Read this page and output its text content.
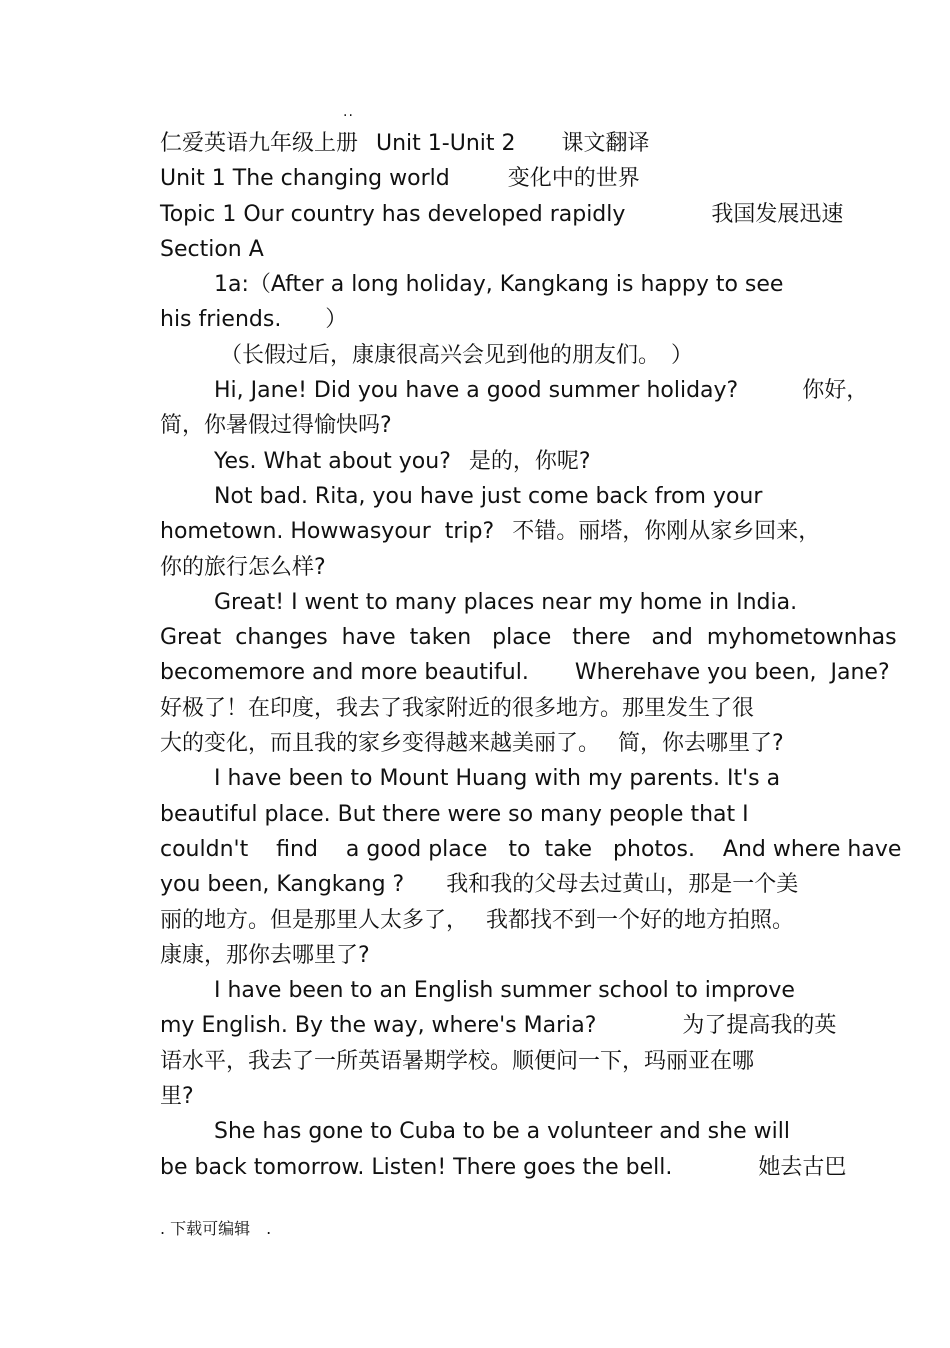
..
仁爱英语九年级上册 Unit 1-Unit 2 课文翻译
Unit 1 The changing world	变化中的世界
Topic 1 Our country has developed rapidly	我国发展迅速
Section A
1a:（After a long holiday, Kangkang is happy to see
his friends.　　）
（长假过后，康康很高兴会见到他的朋友们。　）
Hi, Jane! Did you have a good summer holiday?	你好，
简，你暑假过得愉快吗?
Yes. What about you? 是的，你呢?
Not bad. Rita, you have just come back from your
hometown. Howwasyour  trip? 不错。丽塔，你刚从家乡回来，
你的旅行怎么样?
Great! I went to many places near my home in India.
Great  changes  have  taken   place   there   and  myhometownhas
becomemore and more beautiful. Wherehave you been,  Jane?
好极了！在印度，我去了我家附近的很多地方。那里发生了很
大的变化，而且我的家乡变得越来越美丽了。 简，你去哪里了?
I have been to Mount Huang with my parents. It's a
beautiful place. But there were so many people that I
couldn't    find    a good place   to  take   photos.    And where have
you been, Kangkang ? 我和我的父母去过黄山，那是一个美
丽的地方。但是那里人太多了， 我都找不到一个好的地方拍照。
康康，那你去哪里了?
I have been to an English summer school to improve
my English. By the way, where's Maria?	为了提高我的英
语水平，我去了一所英语暑期学校。顺便问一下，玛丽亚在哪
里?
She has gone to Cuba to be a volunteer and she will
be back tomorrow. Listen! There goes the bell.	她去古巴
. 下载可编辑　.
